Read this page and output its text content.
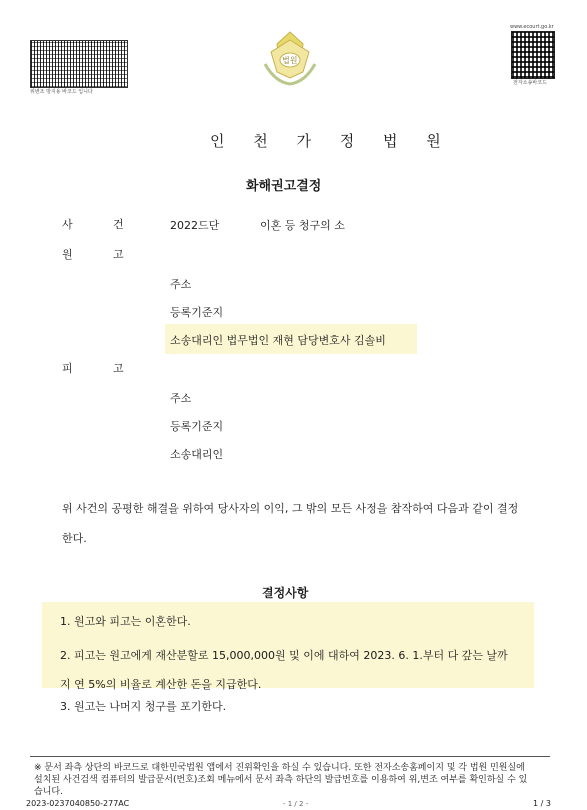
위변조 방지용 바코드 입니다
법원
www.ecourt.go.kr
전자소송바코드
인 천 가 정 법 원
화해권고결정
사	건	2022드단	이혼 등 청구의 소
원	고
주소
등록기준지
소송대리인 법무법인 재현 담당변호사 김솔비
피	고
주소
등록기준지
소송대리인
위 사건의 공평한 해결을 위하여 당사자의 이익, 그 밖의 모든 사정을 참작하여 다음과 같이 결정한다.
결정사항
1. 원고와 피고는 이혼한다.
2. 피고는 원고에게 재산분할로 15,000,000원 및 이에 대하여 2023. 6. 1.부터 다 갚는 날까지 연 5%의 비율로 계산한 돈을 지급한다.
3. 원고는 나머지 청구를 포기한다.
※ 문서 좌측 상단의 바코드로 대한민국법원 앱에서 진위확인을 하실 수 있습니다. 또한 전자소송홈페이지 및 각 법원 민원실에 설치된 사건검색 컴퓨터의 발급문서(번호)조회 메뉴에서 문서 좌측 하단의 발급번호를 이용하여 위,변조 여부를 확인하실 수 있습니다.
2023-0237040850-277AC	- 1 / 2 -	1 / 3
